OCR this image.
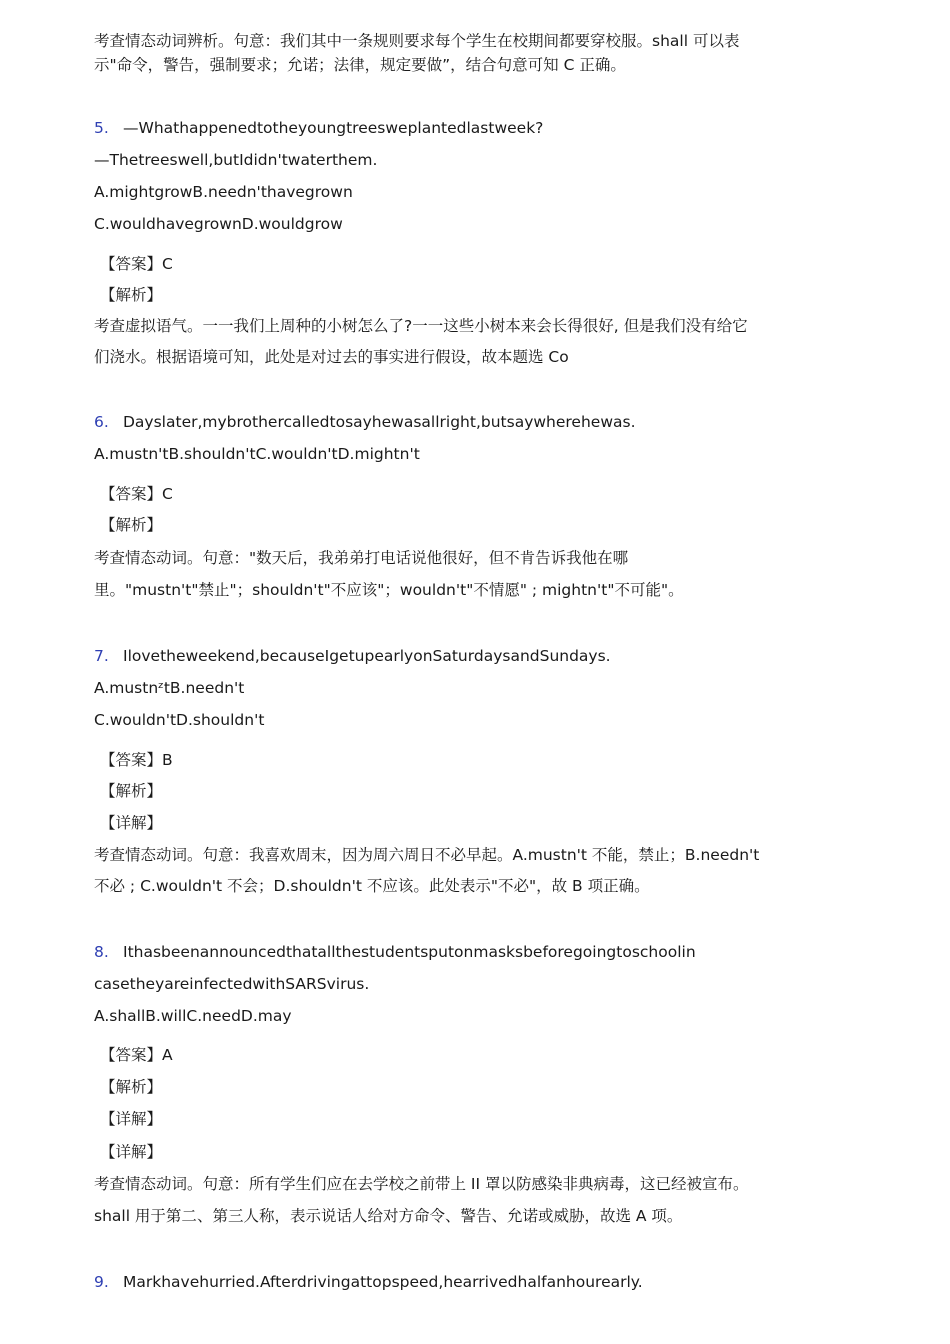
考查情态动词辨析。句意：我们其中一条规则要求每个学生在校期间都要穿校服。shall 可以表
示"命令，警告，强制要求；允诺；法律，规定要做”，结合句意可知 C 正确。
5. —Whathappenedtotheyoungtreesweplantedlastweek?
—Thetreeswell,butIdidn'twaterthem.
A.mightgrowB.needn'thavegrown
C.wouldhavegrownD.wouldgrow
【答案】C
【解析】
考查虚拟语气。一一我们上周种的小树怎么了?一一这些小树本来会长得很好, 但是我们没有给它
们浇水。根据语境可知，此处是对过去的事实进行假设，故本题选 Co
6. Dayslater,mybrothercalledtosayhewasallright,butsaywherehewas.
A.mustn'tB.shouldn'tC.wouldn'tD.mightn't
【答案】C
【解析】
考查情态动词。句意："数天后，我弟弟打电话说他很好，但不肯告诉我他在哪
里。"mustn't"禁止"；shouldn't"不应该"；wouldn't"不情愿" ; mightn't"不可能"。
7. Ilovetheweekend,becauseIgetupearlyonSaturdaysandSundays.
A.mustnᶻtB.needn't
C.wouldn'tD.shouldn't
【答案】B
【解析】
【详解】
考查情态动词。句意：我喜欢周末，因为周六周日不必早起。A.mustn't 不能，禁止；B.needn't
不必 ; C.wouldn't 不会；D.shouldn't 不应该。此处表示"不必"，故 B 项正确。
8. Ithasbeenannouncedthatallthestudentsputonmasksbeforegoingtoschoolin
casetheyareinfectedwithSARSvirus.
A.shallB.willC.needD.may
【答案】A
【解析】
【详解】
【详解】
考查情态动词。句意：所有学生们应在去学校之前带上 II 罩以防感染非典病毒，这已经被宣布。
shall 用于第二、第三人称，表示说话人给对方命令、警告、允诺或威胁，故选 A 项。
9. Markhavehurried.Afterdrivingattopspeed,hearrivedhalfanhourearly.
